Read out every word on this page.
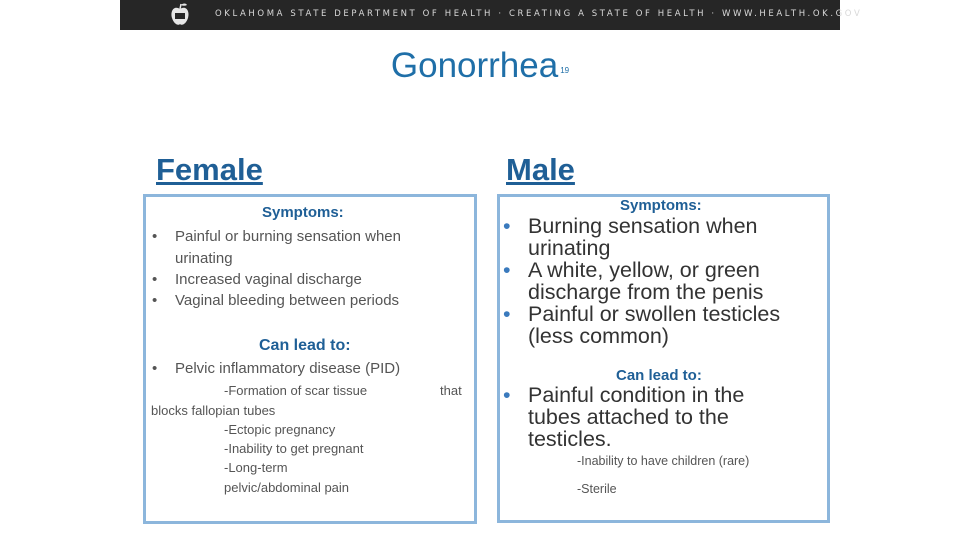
OKLAHOMA STATE DEPARTMENT OF HEALTH · CREATING A STATE OF HEALTH · WWW.HEALTH.OK.GOV
Gonorrhea $^{19}$
Female	Male
Symptoms:
•	Painful or burning sensation when urinating
•	Increased vaginal discharge
•	Vaginal bleeding between periods
Can lead to:
•	Pelvic inflammatory disease (PID)
-Formation of scar tissue	that
blocks fallopian tubes
-Ectopic pregnancy
-Inability to get pregnant
-Long-term
pelvic/abdominal pain
Symptoms:
• Burning sensation when urinating
• A white, yellow, or green discharge from the penis
• Painful or swollen testicles (less common)
Can lead to:
• Painful condition in the tubes attached to the testicles.
-Inability to have children (rare)
-Sterile
